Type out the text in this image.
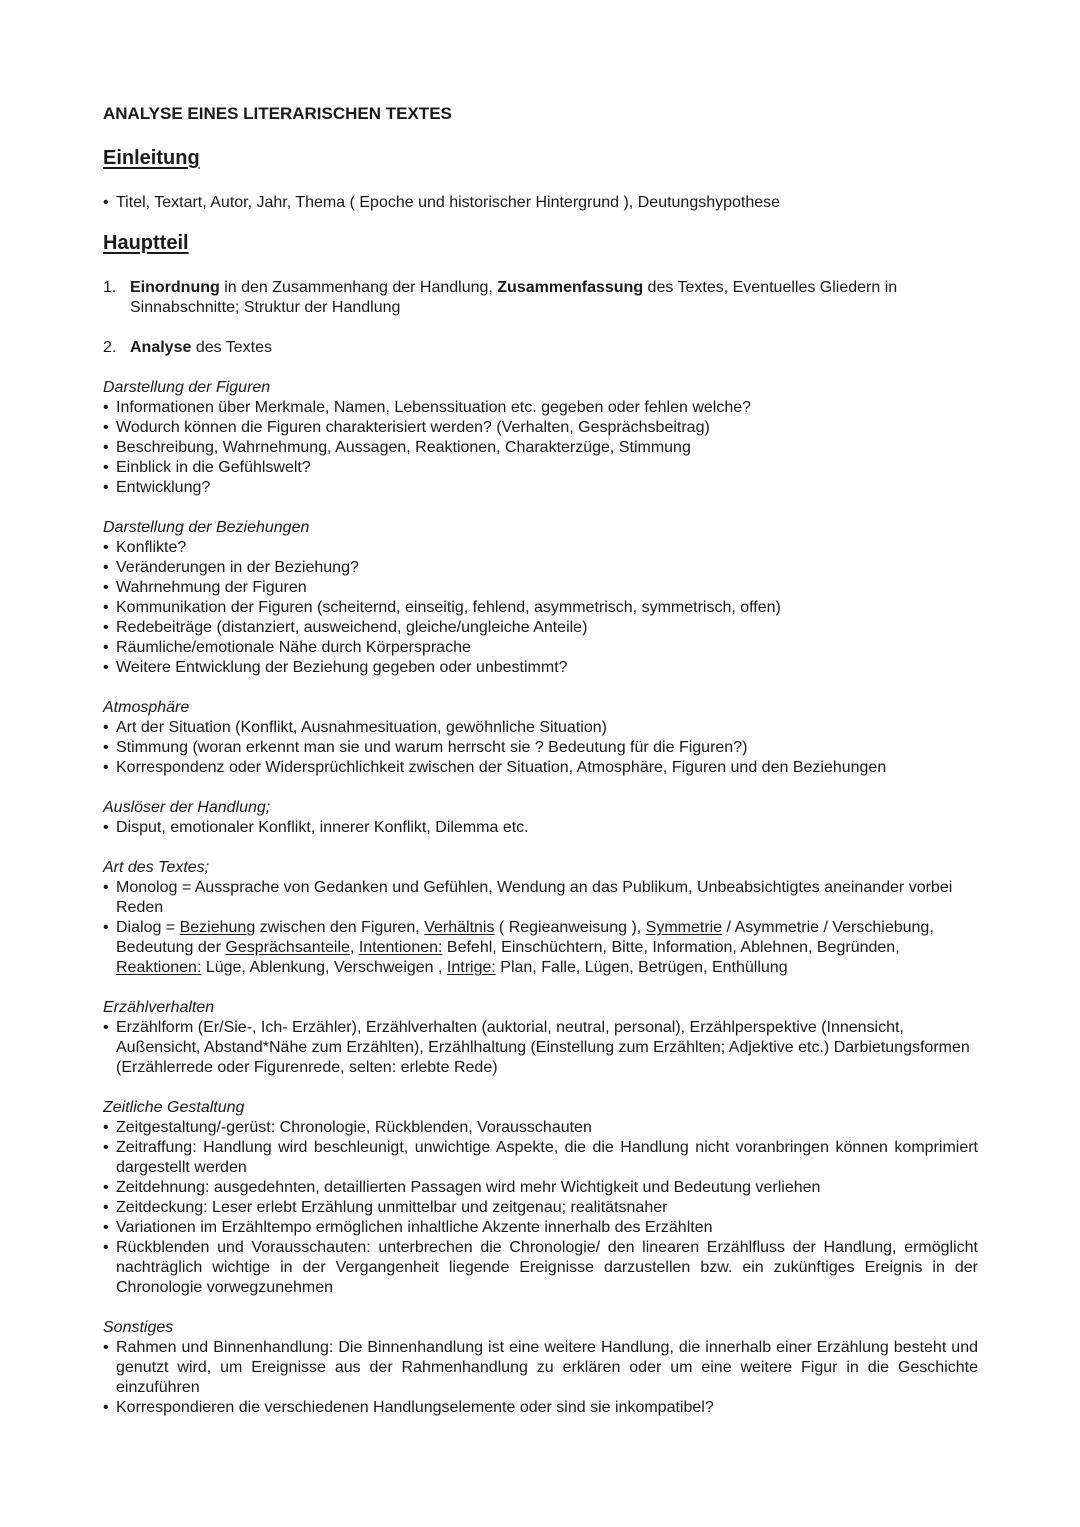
ANALYSE EINES LITERARISCHEN TEXTES
Einleitung
• Titel, Textart, Autor, Jahr, Thema ( Epoche und historischer Hintergrund ), Deutungshypothese
Hauptteil
1. Einordnung in den Zusammenhang der Handlung, Zusammenfassung des Textes, Eventuelles Gliedern in Sinnabschnitte; Struktur der Handlung
2. Analyse des Textes
Darstellung der Figuren
• Informationen über Merkmale, Namen, Lebenssituation etc. gegeben oder fehlen welche?
• Wodurch können die Figuren charakterisiert werden? (Verhalten, Gesprächsbeitrag)
• Beschreibung, Wahrnehmung, Aussagen, Reaktionen, Charakterzüge, Stimmung
• Einblick in die Gefühlswelt?
• Entwicklung?
Darstellung der Beziehungen
• Konflikte?
• Veränderungen in der Beziehung?
• Wahrnehmung der Figuren
• Kommunikation der Figuren (scheiternd, einseitig, fehlend, asymmetrisch, symmetrisch, offen)
• Redebeiträge (distanziert, ausweichend, gleiche/ungleiche Anteile)
• Räumliche/emotionale Nähe durch Körpersprache
• Weitere Entwicklung der Beziehung gegeben oder unbestimmt?
Atmosphäre
• Art der Situation (Konflikt, Ausnahmesituation, gewöhnliche Situation)
• Stimmung (woran erkennt man sie und warum herrscht sie ? Bedeutung für die Figuren?)
• Korrespondenz oder Widersprüchlichkeit zwischen der Situation, Atmosphäre, Figuren und den Beziehungen
Auslöser der Handlung;
• Disput, emotionaler Konflikt, innerer Konflikt, Dilemma etc.
Art des Textes;
• Monolog = Aussprache von Gedanken und Gefühlen, Wendung an das Publikum, Unbeabsichtigtes aneinander vorbei Reden
• Dialog = Beziehung zwischen den Figuren, Verhältnis ( Regieanweisung ), Symmetrie / Asymmetrie / Verschiebung, Bedeutung der Gesprächsanteile, Intentionen: Befehl, Einschüchtern, Bitte, Information, Ablehnen, Begründen, Reaktionen: Lüge, Ablenkung, Verschweigen , Intrige: Plan, Falle, Lügen, Betrügen, Enthüllung
Erzählverhalten
• Erzählform (Er/Sie-, Ich- Erzähler), Erzählverhalten (auktorial, neutral, personal), Erzählperspektive (Innensicht, Außensicht, Abstand*Nähe zum Erzählten), Erzählhaltung (Einstellung zum Erzählten; Adjektive etc.) Darbietungsformen (Erzählerrede oder Figurenrede, selten: erlebte Rede)
Zeitliche Gestaltung
• Zeitgestaltung/-gerüst: Chronologie, Rückblenden, Vorausschauten
• Zeitraffung: Handlung wird beschleunigt, unwichtige Aspekte, die die Handlung nicht voranbringen können komprimiert dargestellt werden
• Zeitdehnung: ausgedehnten, detaillierten Passagen wird mehr Wichtigkeit und Bedeutung verliehen
• Zeitdeckung: Leser erlebt Erzählung unmittelbar und zeitgenau; realitätsnaher
• Variationen im Erzähltempo ermöglichen inhaltliche Akzente innerhalb des Erzählten
• Rückblenden und Vorausschauten: unterbrechen die Chronologie/ den linearen Erzählfluss der Handlung, ermöglicht nachträglich wichtige in der Vergangenheit liegende Ereignisse darzustellen bzw. ein zukünftiges Ereignis in der Chronologie vorwegzunehmen
Sonstiges
• Rahmen und Binnenhandlung: Die Binnenhandlung ist eine weitere Handlung, die innerhalb einer Erzählung besteht und genutzt wird, um Ereignisse aus der Rahmenhandlung zu erklären oder um eine weitere Figur in die Geschichte einzuführen
• Korrespondieren die verschiedenen Handlungselemente oder sind sie inkompatibel?
